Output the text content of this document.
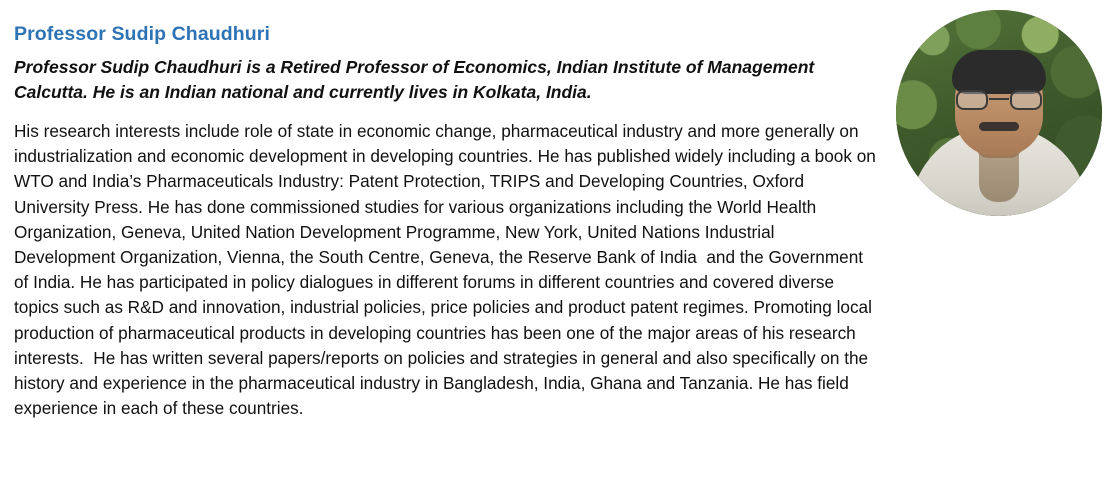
Professor Sudip Chaudhuri

Professor Sudip Chaudhuri is a Retired Professor of Economics, Indian Institute of Management Calcutta. He is an Indian national and currently lives in Kolkata, India.

His research interests include role of state in economic change, pharmaceutical industry and more generally on industrialization and economic development in developing countries. He has published widely including a book on WTO and India’s Pharmaceuticals Industry: Patent Protection, TRIPS and Developing Countries, Oxford University Press. He has done commissioned studies for various organizations including the World Health Organization, Geneva, United Nation Development Programme, New York, United Nations Industrial Development Organization, Vienna, the South Centre, Geneva, the Reserve Bank of India  and the Government of India. He has participated in policy dialogues in different forums in different countries and covered diverse topics such as R&D and innovation, industrial policies, price policies and product patent regimes. Promoting local production of pharmaceutical products in developing countries has been one of the major areas of his research interests.  He has written several papers/reports on policies and strategies in general and also specifically on the history and experience in the pharmaceutical industry in Bangladesh, India, Ghana and Tanzania. He has field experience in each of these countries.
